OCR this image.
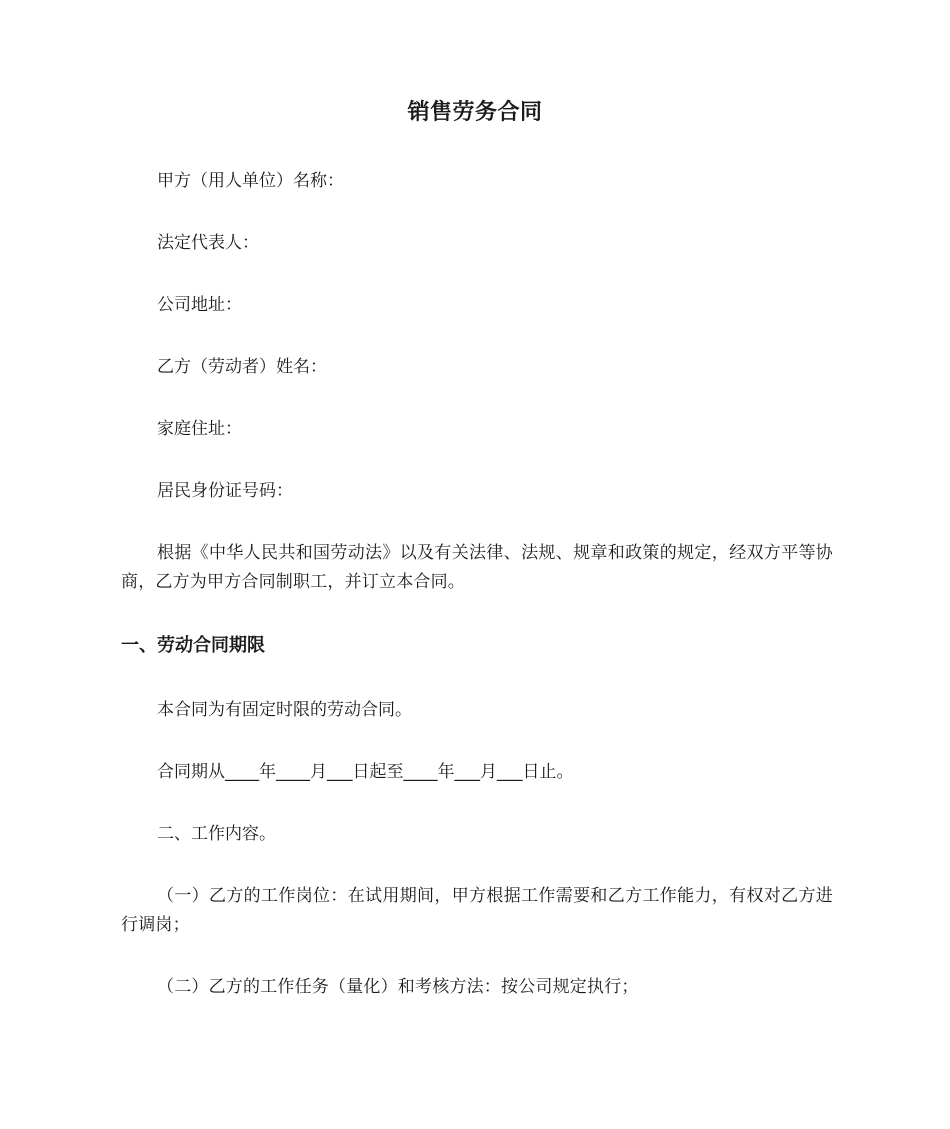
销售劳务合同
甲方（用人单位）名称：
法定代表人：
公司地址：
乙方（劳动者）姓名：
家庭住址：
居民身份证号码：
根据《中华人民共和国劳动法》以及有关法律、法规、规章和政策的规定，经双方平等协商，乙方为甲方合同制职工，并订立本合同。
一、劳动合同期限
本合同为有固定时限的劳动合同。
合同期从____年____月___日起至____年___月___日止。
二、工作内容。
（一）乙方的工作岗位：在试用期间，甲方根据工作需要和乙方工作能力，有权对乙方进行调岗；
（二）乙方的工作任务（量化）和考核方法：按公司规定执行；
